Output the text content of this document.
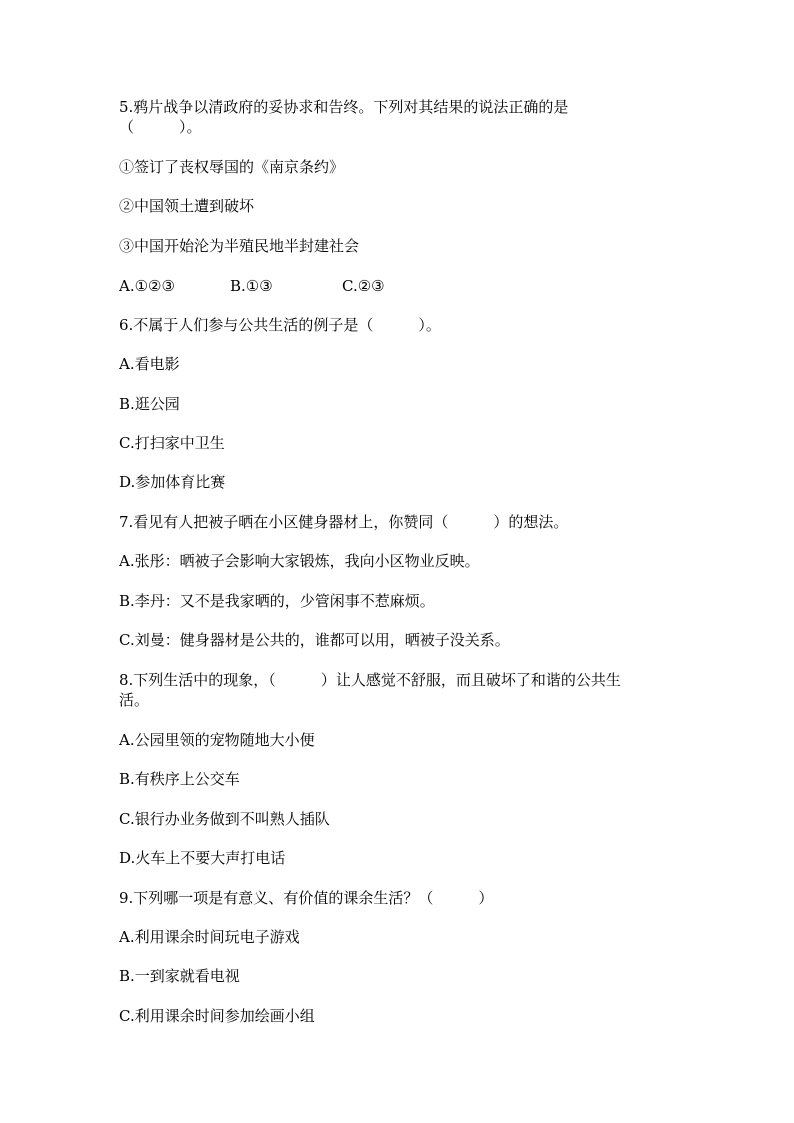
5.鸦片战争以清政府的妥协求和告终。下列对其结果的说法正确的是
（　　　）。
①签订了丧权辱国的《南京条约》
②中国领土遭到破坏
③中国开始沦为半殖民地半封建社会
A.①②③	B.①③	C.②③
6.不属于人们参与公共生活的例子是（　　　）。
A.看电影
B.逛公园
C.打扫家中卫生
D.参加体育比赛
7.看见有人把被子晒在小区健身器材上，你赞同（　　　）的想法。
A.张彤：晒被子会影响大家锻炼，我向小区物业反映。
B.李丹：又不是我家晒的，少管闲事不惹麻烦。
C.刘曼：健身器材是公共的，谁都可以用，晒被子没关系。
8.下列生活中的现象，（　　　）让人感觉不舒服，而且破坏了和谐的公共生
活。
A.公园里领的宠物随地大小便
B.有秩序上公交车
C.银行办业务做到不叫熟人插队
D.火车上不要大声打电话
9.下列哪一项是有意义、有价值的课余生活？（　　　）
A.利用课余时间玩电子游戏
B.一到家就看电视
C.利用课余时间参加绘画小组
